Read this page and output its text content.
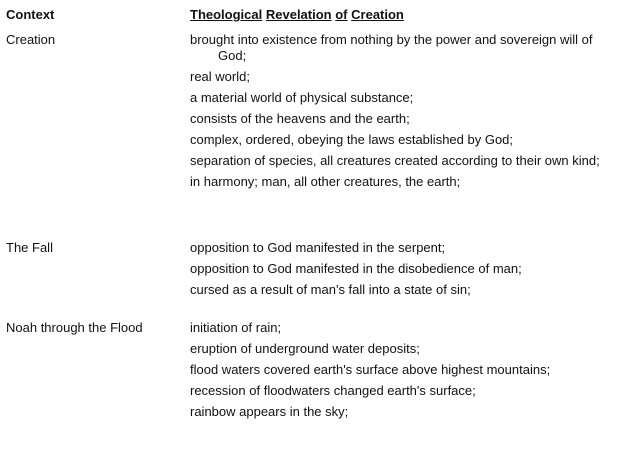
Context	Theological Revelation of Creation
Creation	brought into existence from nothing by the power and sovereign will of God;
real world;
a material world of physical substance;
consists of the heavens and the earth;
complex, ordered, obeying the laws established by God;
separation of species, all creatures created according to their own kind;
in harmony; man, all other creatures, the earth;
The Fall	opposition to God manifested in the serpent;
opposition to God manifested in the disobedience of man;
cursed as a result of man's fall into a state of sin;
Noah through the Flood	initiation of rain;
eruption of underground water deposits;
flood waters covered earth's surface above highest mountains;
recession of floodwaters changed earth's surface;
rainbow appears in the sky;
